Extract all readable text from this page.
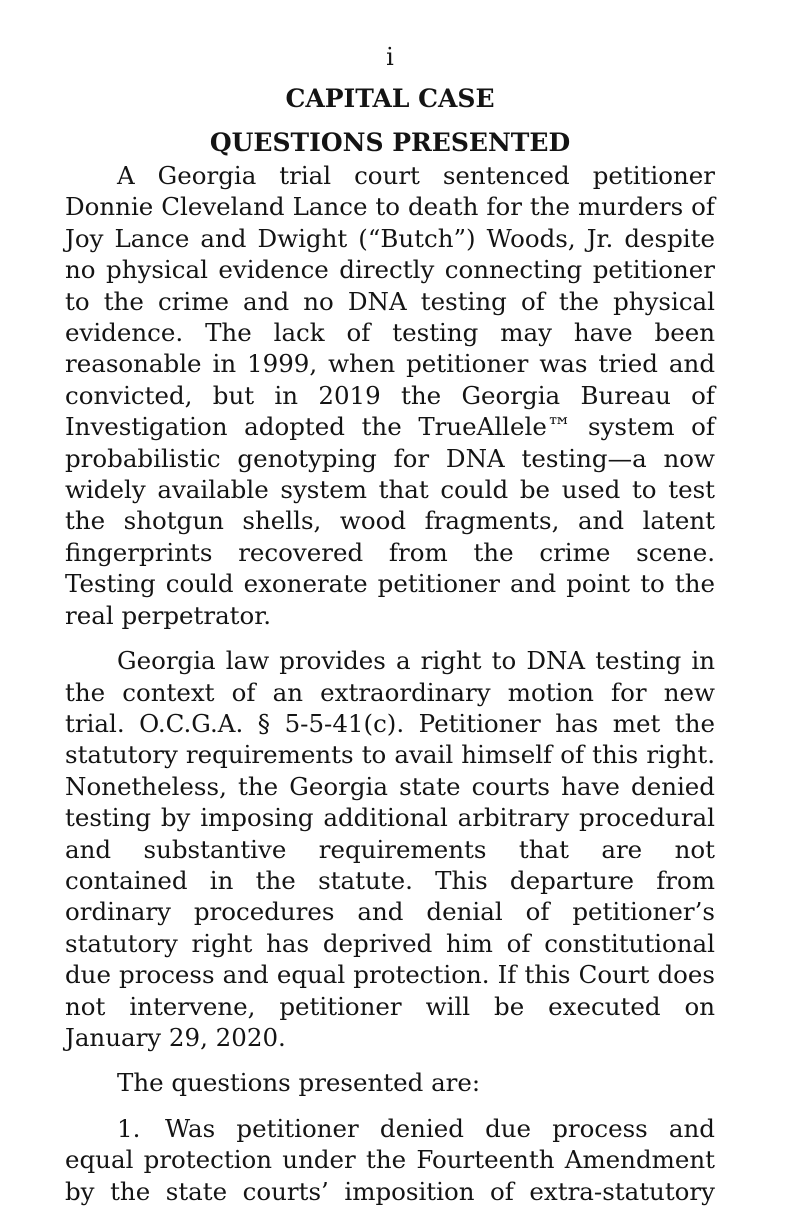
i
CAPITAL CASE
QUESTIONS PRESENTED

A Georgia trial court sentenced petitioner Donnie Cleveland Lance to death for the murders of Joy Lance and Dwight (“Butch”) Woods, Jr. despite no physical evidence directly connecting petitioner to the crime and no DNA testing of the physical evidence. The lack of testing may have been reasonable in 1999, when petitioner was tried and convicted, but in 2019 the Georgia Bureau of Investigation adopted the TrueAllele™ system of probabilistic genotyping for DNA testing—a now widely available system that could be used to test the shotgun shells, wood fragments, and latent fingerprints recovered from the crime scene. Testing could exonerate petitioner and point to the real perpetrator.

Georgia law provides a right to DNA testing in the context of an extraordinary motion for new trial. O.C.G.A. § 5-5-41(c). Petitioner has met the statutory requirements to avail himself of this right. Nonetheless, the Georgia state courts have denied testing by imposing additional arbitrary procedural and substantive requirements that are not contained in the statute. This departure from ordinary procedures and denial of petitioner’s statutory right has deprived him of constitutional due process and equal protection. If this Court does not intervene, petitioner will be executed on January 29, 2020.

The questions presented are:

1. Was petitioner denied due process and equal protection under the Fourteenth Amendment by the state courts’ imposition of extra-statutory
